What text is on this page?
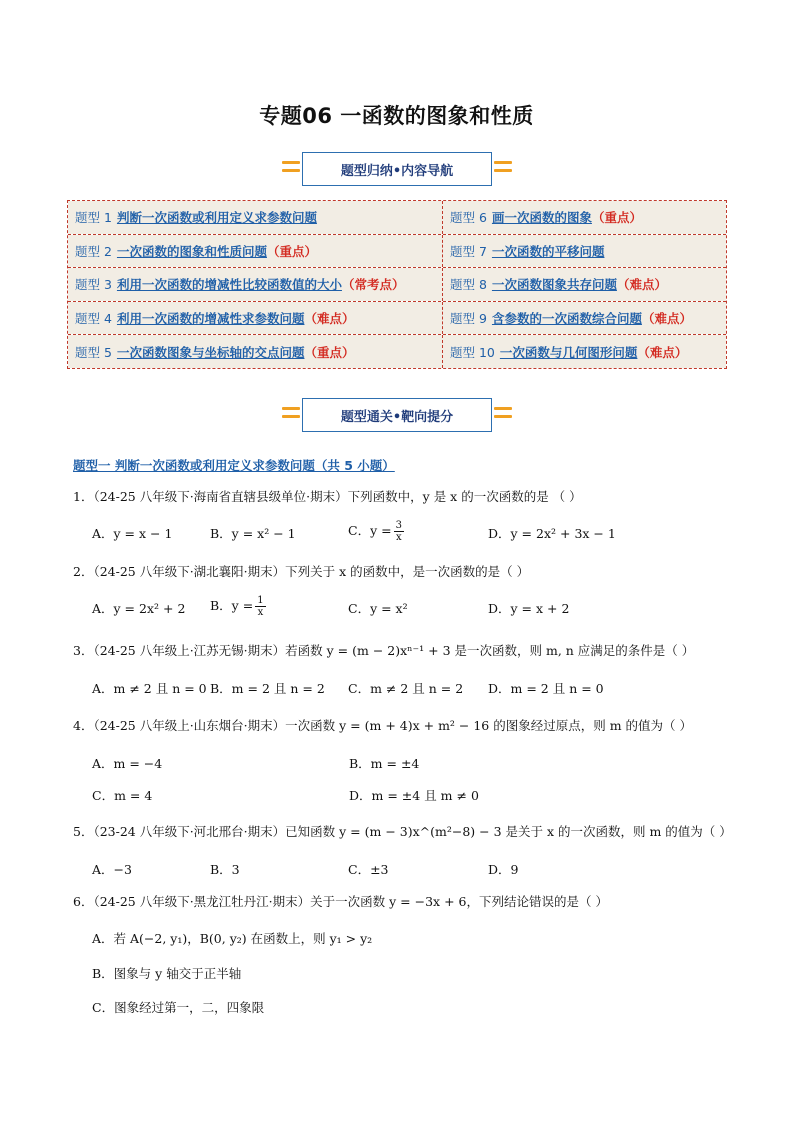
专题06 一函数的图象和性质
题型归纳•内容导航
题型 1 判断一次函数或利用定义求参数问题	题型 6 画一次函数的图象 （重点）
题型 2 一次函数的图象和性质问题 （重点）	题型 7 一次函数的平移问题
题型 3 利用一次函数的增减性比较函数值的大小 （常考点）	题型 8 一次函数图象共存问题 （难点）
题型 4 利用一次函数的增减性求参数问题 （难点）	题型 9 含参数的一次函数综合问题 （难点）
题型 5 一次函数图象与坐标轴的交点问题 （重点）	题型 10 一次函数与几何图形问题 （难点）
题型通关•靶向提分
题型一 判断一次函数或利用定义求参数问题（共 5 小题）
1．（24-25 八年级下·海南省直辖县级单位·期末）下列函数中，y 是 x 的一次函数的是 （ ）
A．y = x − 1	B．y = x² − 1	C．$y = \frac{3}{x}$	D．y = 2x² + 3x − 1
2．（24-25 八年级下·湖北襄阳·期末）下列关于 x 的函数中，是一次函数的是（ ）
A．y = 2x² + 2 B．$y = \frac{1}{x}$	C．y = x²	D．y = x + 2
3．（24-25 八年级上·江苏无锡·期末）若函数 y = (m − 2)xⁿ⁻¹ + 3 是一次函数，则 m, n 应满足的条件是（ ）
A．m ≠ 2 且 n = 0 B．m = 2 且 n = 2 C．m ≠ 2 且 n = 2 D．m = 2 且 n = 0
4．（24-25 八年级上·山东烟台·期末）一次函数 y = (m + 4)x + m² − 16 的图象经过原点，则 m 的值为（ ）
A．m = −4	B．m = ±4
C．m = 4	D．m = ±4 且 m ≠ 0
5．（23-24 八年级下·河北邢台·期末）已知函数 y = (m − 3)x^(m²−8) − 3 是关于 x 的一次函数，则 m 的值为（ ）
A．−3	B．3	C．±3	D．9
6．（24-25 八年级下·黑龙江牡丹江·期末）关于一次函数 y = −3x + 6，下列结论错误的是（ ）
A．若 A(−2, y₁)，B(0, y₂) 在函数上，则 y₁ > y₂
B．图象与 y 轴交于正半轴
C．图象经过第一，二，四象限
